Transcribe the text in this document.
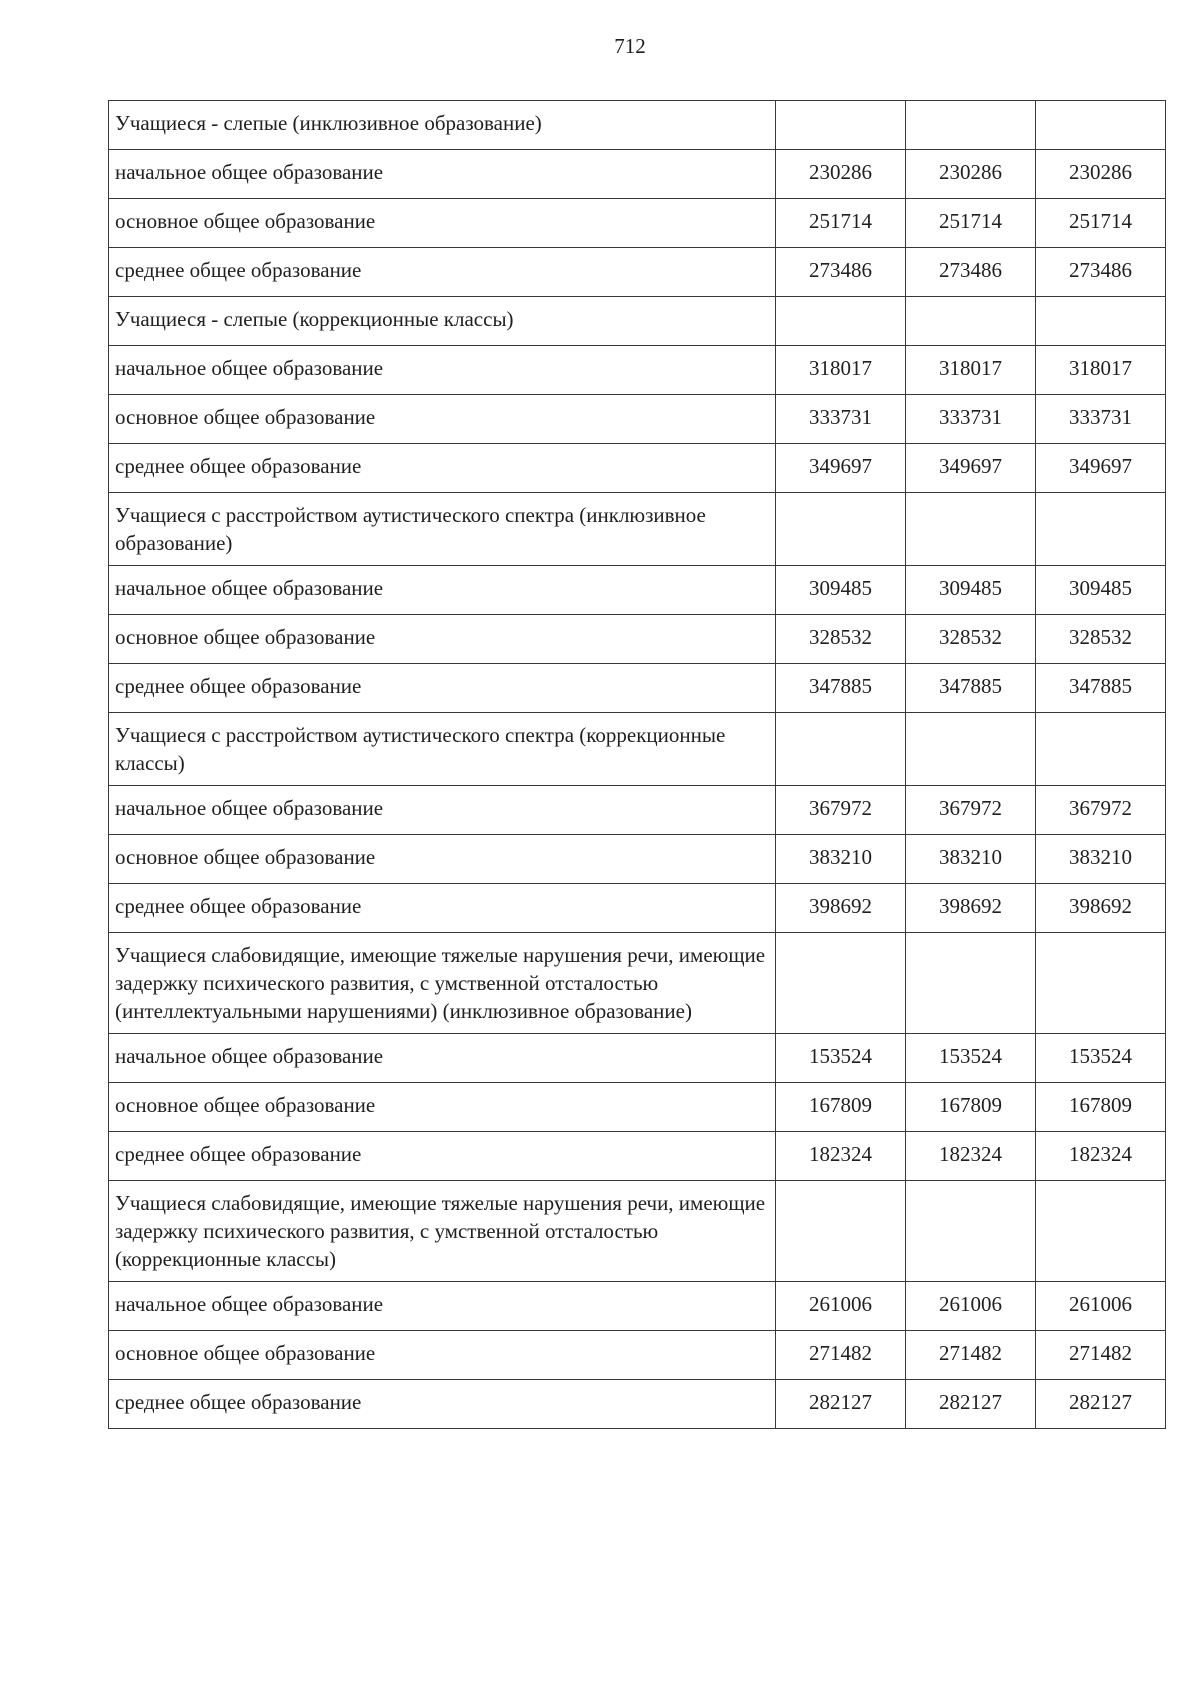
712
Учащиеся - слепые (инклюзивное образование)			
начальное общее образование	230286	230286	230286
основное общее образование	251714	251714	251714
среднее общее образование	273486	273486	273486
Учащиеся - слепые (коррекционные классы)			
начальное общее образование	318017	318017	318017
основное общее образование	333731	333731	333731
среднее общее образование	349697	349697	349697
Учащиеся с расстройством аутистического спектра (инклюзивное образование)			
начальное общее образование	309485	309485	309485
основное общее образование	328532	328532	328532
среднее общее образование	347885	347885	347885
Учащиеся с расстройством аутистического спектра (коррекционные классы)			
начальное общее образование	367972	367972	367972
основное общее образование	383210	383210	383210
среднее общее образование	398692	398692	398692
Учащиеся слабовидящие, имеющие тяжелые нарушения речи, имеющие задержку психического развития, с умственной отсталостью (интеллектуальными нарушениями) (инклюзивное образование)			
начальное общее образование	153524	153524	153524
основное общее образование	167809	167809	167809
среднее общее образование	182324	182324	182324
Учащиеся слабовидящие, имеющие тяжелые нарушения речи, имеющие задержку психического развития, с умственной отсталостью (коррекционные классы)			
начальное общее образование	261006	261006	261006
основное общее образование	271482	271482	271482
среднее общее образование	282127	282127	282127
